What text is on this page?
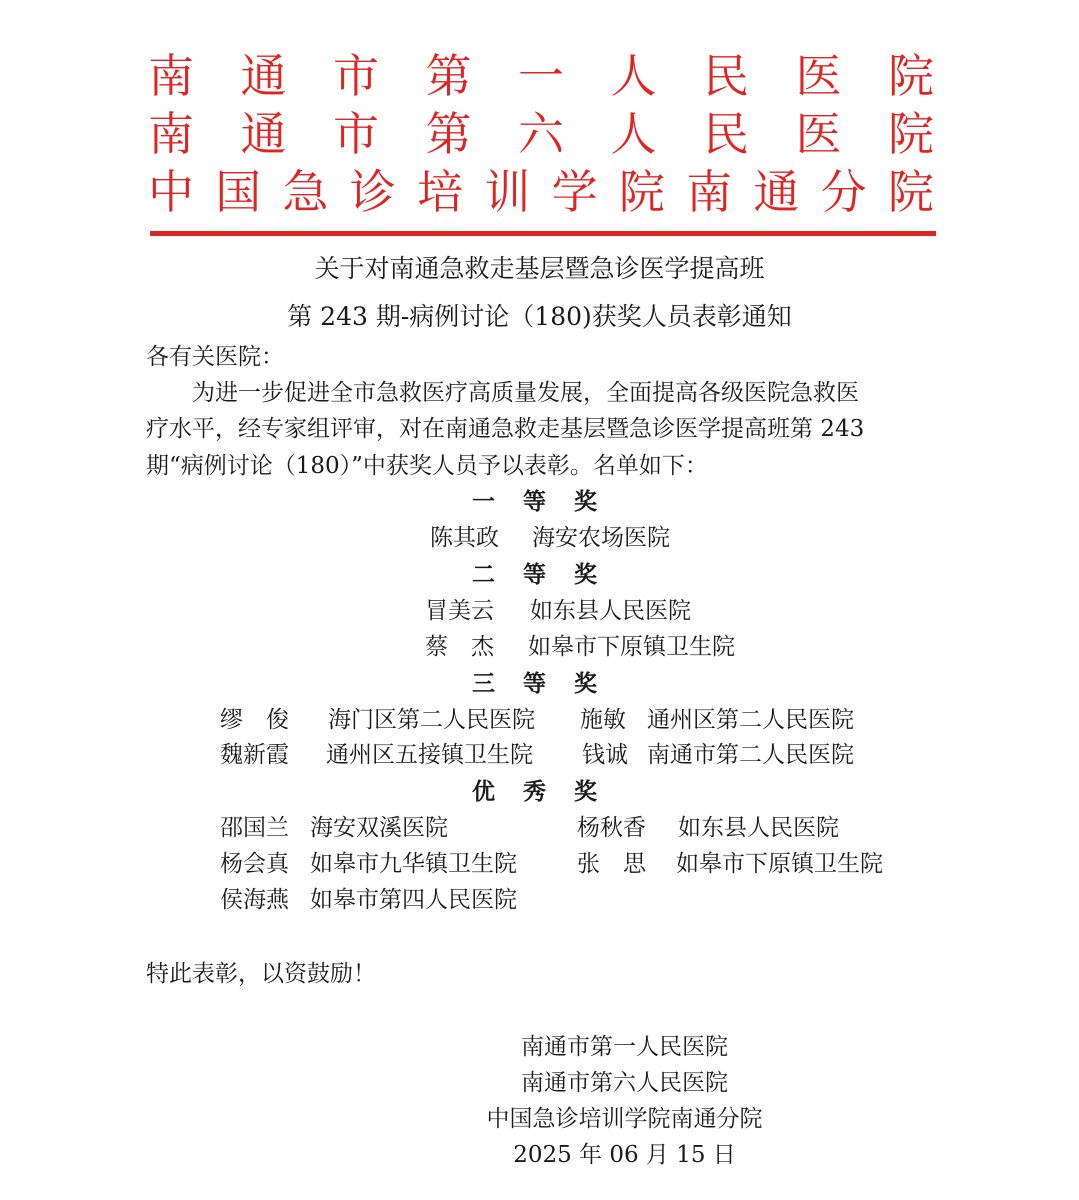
南 通 市 第 一 人 民 医 院
南 通 市 第 六 人 民 医 院
中 国 急 诊 培 训 学 院 南 通 分 院
关于对南通急救走基层暨急诊医学提高班
第 243 期-病例讨论（180)获奖人员表彰通知
各有关医院：
为进一步促进全市急救医疗高质量发展，全面提高各级医院急救医
疗水平，经专家组评审，对在南通急救走基层暨急诊医学提高班第 243
期“病例讨论（180）”中获奖人员予以表彰。名单如下：
一 等 奖
陈其政 海安农场医院
二 等 奖
冒美云 如东县人民医院
蔡　杰 如皋市下原镇卫生院
三 等 奖
缪　俊 海门区第二人民医院 施敏 通州区第二人民医院
魏新霞 通州区五接镇卫生院 钱诚 南通市第二人民医院
优 秀 奖
邵国兰 海安双溪医院	杨秋香 如东县人民医院
杨会真 如皋市九华镇卫生院	张　思 如皋市下原镇卫生院
侯海燕 如皋市第四人民医院
特此表彰，以资鼓励！
南通市第一人民医院
南通市第六人民医院
中国急诊培训学院南通分院
2025 年 06 月 15 日
